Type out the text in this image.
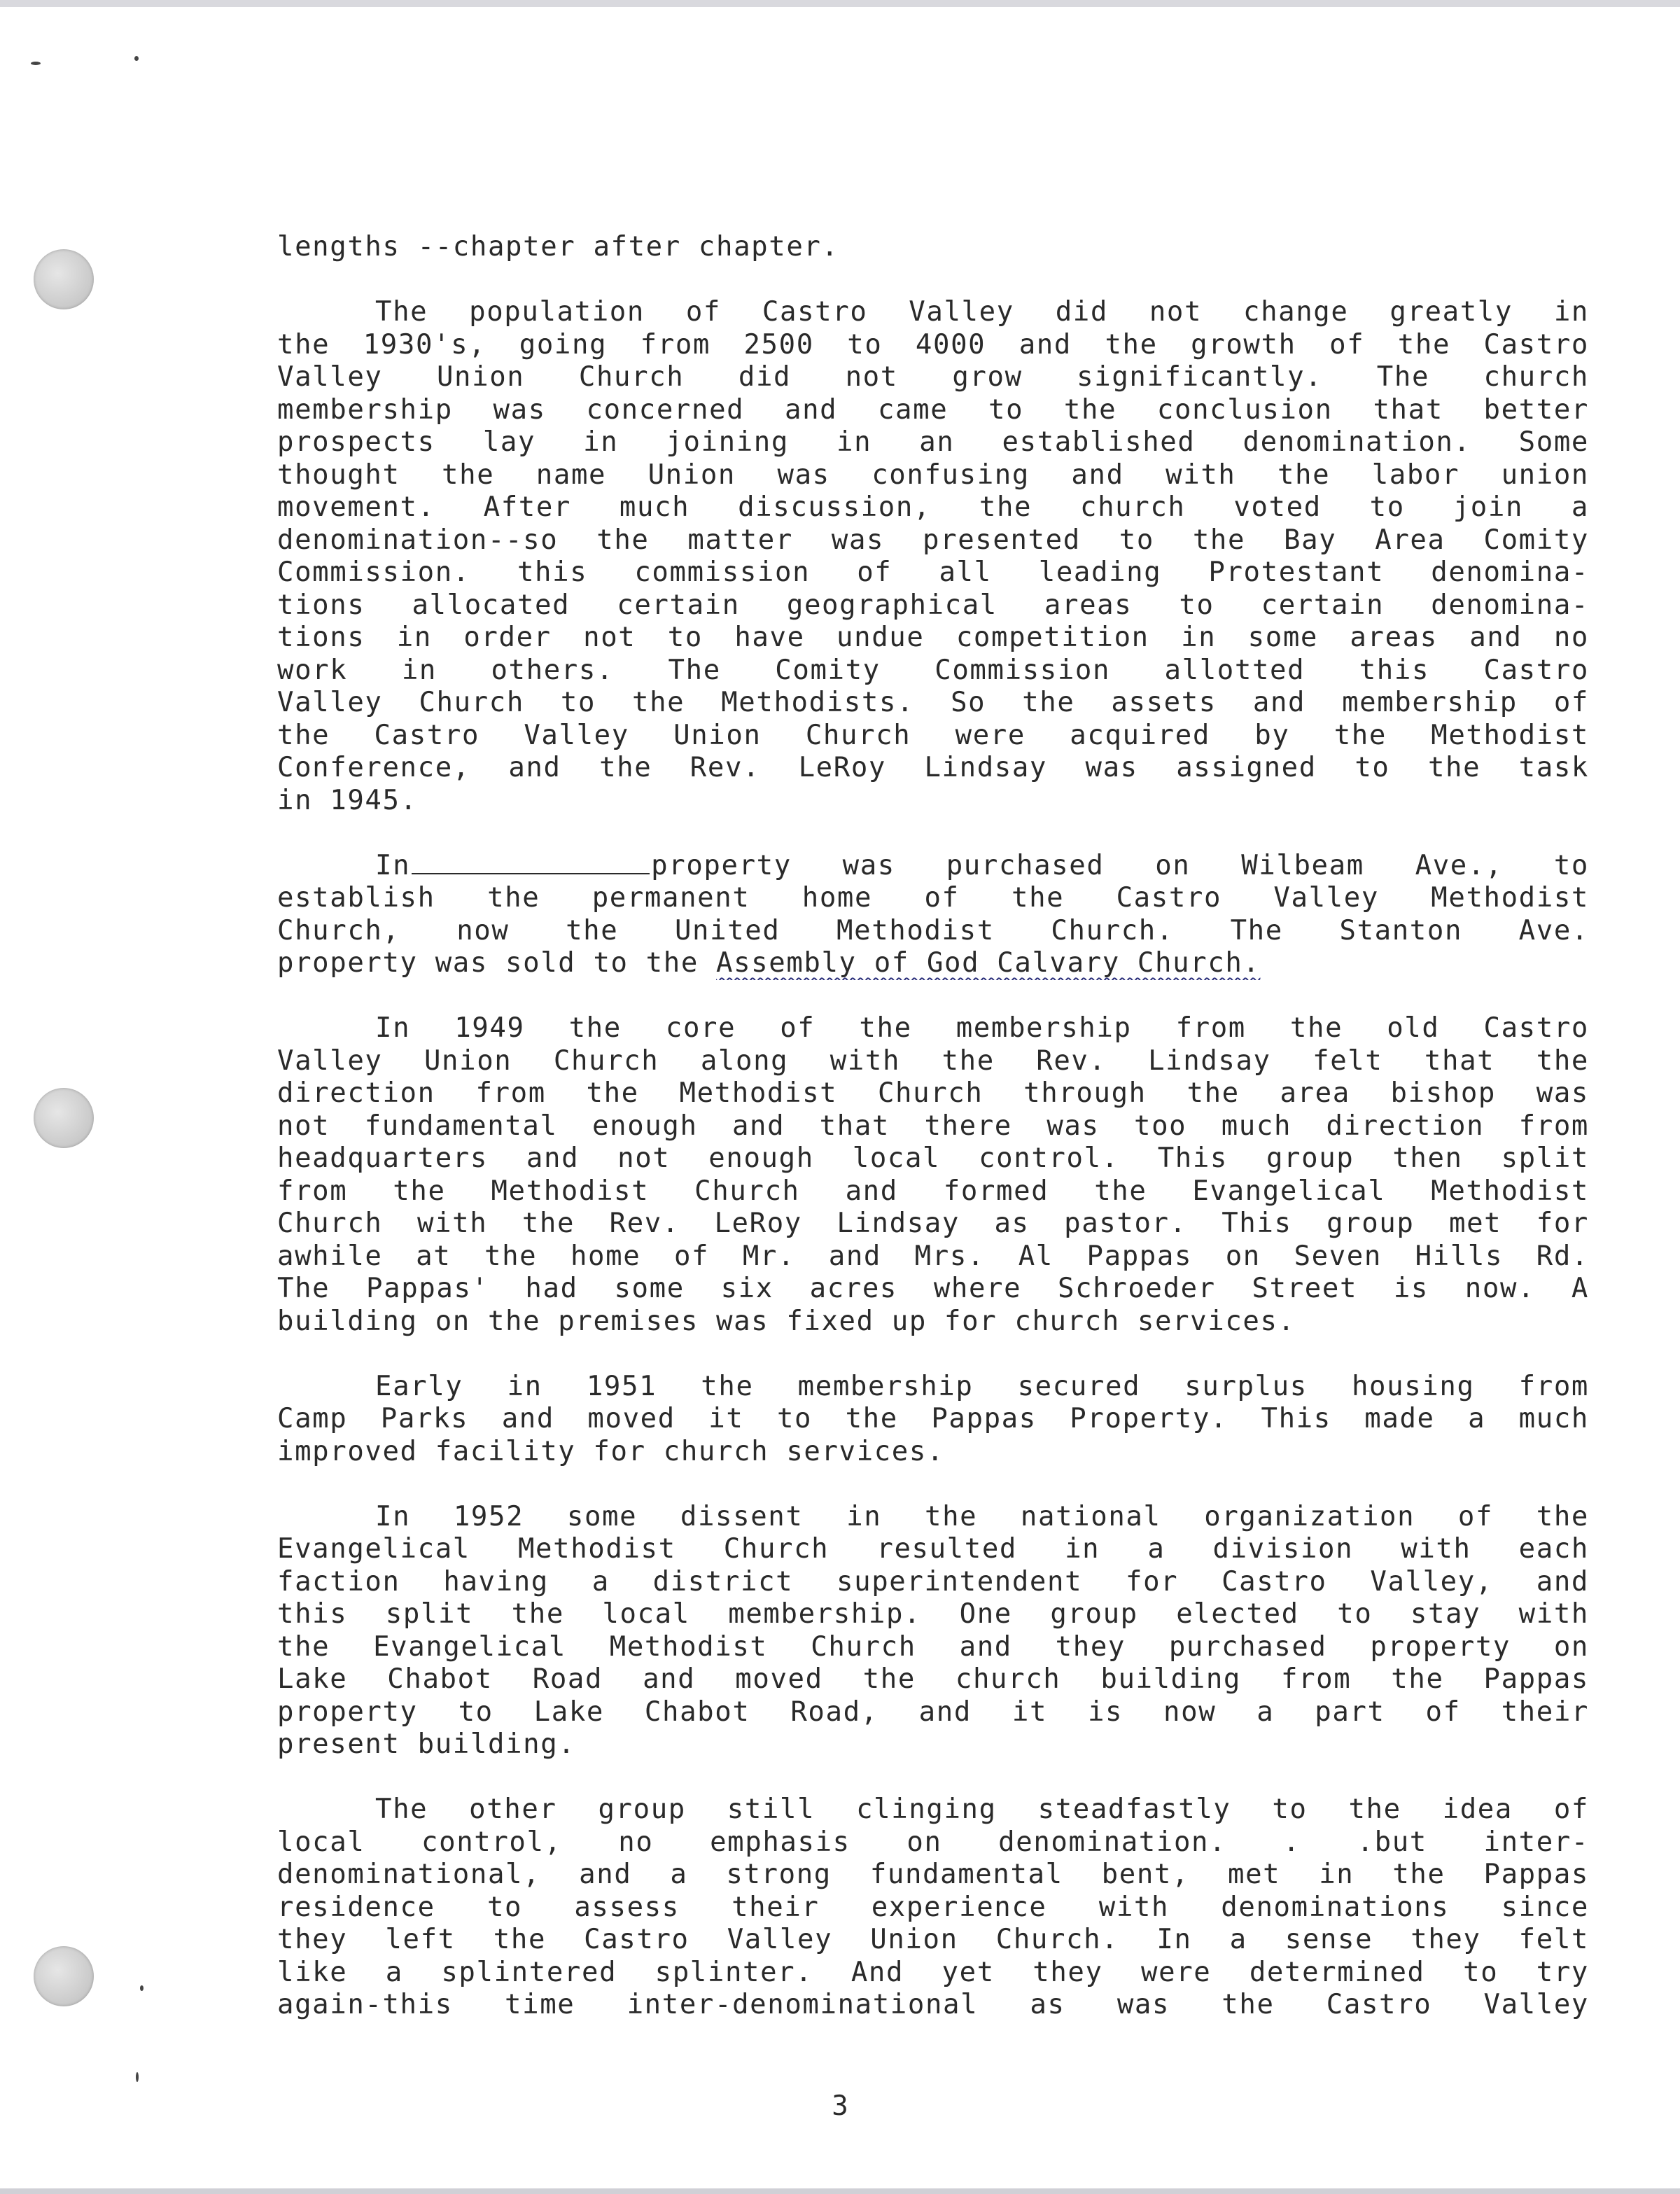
lengths --chapter after chapter.
The population of Castro Valley did not change greatly in
the 1930's, going from 2500 to 4000 and the growth of the Castro
Valley Union Church did not grow significantly. The church
membership was concerned and came to the conclusion that better
prospects lay in joining in an established denomination. Some
thought the name Union was confusing and with the labor union
movement. After much discussion, the church voted to join a
denomination--so the matter was presented to the Bay Area Comity
Commission. this commission of all leading Protestant denomina-
tions allocated certain geographical areas to certain denomina-
tions in order not to have undue competition in some areas and no
work in others. The Comity Commission allotted this Castro
Valley Church to the Methodists. So the assets and membership of
the Castro Valley Union Church were acquired by the Methodist
Conference, and the Rev. LeRoy Lindsay was assigned to the task
in 1945.
In	property was purchased on Wilbeam Ave., to
establish the permanent home of the Castro Valley Methodist
Church, now the United Methodist Church. The Stanton Ave.
property was sold to the Assembly of God Calvary Church.
In 1949 the core of the membership from the old Castro
Valley Union Church along with the Rev. Lindsay felt that the
direction from the Methodist Church through the area bishop was
not fundamental enough and that there was too much direction from
headquarters and not enough local control. This group then split
from the Methodist Church and formed the Evangelical Methodist
Church with the Rev. LeRoy Lindsay as pastor. This group met for
awhile at the home of Mr. and Mrs. Al Pappas on Seven Hills Rd.
The Pappas' had some six acres where Schroeder Street is now. A
building on the premises was fixed up for church services.
Early in 1951 the membership secured surplus housing from
Camp Parks and moved it to the Pappas Property. This made a much
improved facility for church services.
In 1952 some dissent in the national organization of the
Evangelical Methodist Church resulted in a division with each
faction having a district superintendent for Castro Valley, and
this split the local membership. One group elected to stay with
the Evangelical Methodist Church and they purchased property on
Lake Chabot Road and moved the church building from the Pappas
property to Lake Chabot Road, and it is now a part of their
present building.
The other group still clinging steadfastly to the idea of
local control, no emphasis on denomination. . .but inter-
denominational, and a strong fundamental bent, met in the Pappas
residence to assess their experience with denominations since
they left the Castro Valley Union Church. In a sense they felt
like a splintered splinter. And yet they were determined to try
again-this time inter-denominational as was the Castro Valley
3
